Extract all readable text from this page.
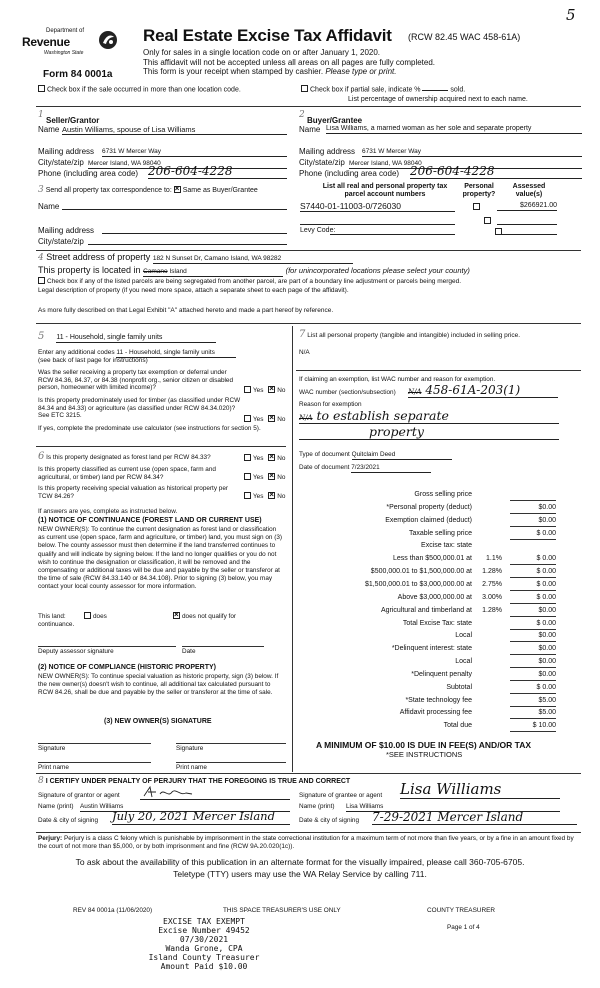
5
Department of
Revenue
Washington State
Form 84 0001a
Real Estate Excise Tax Affidavit (RCW 82.45 WAC 458-61A)
Only for sales in a single location code on or after January 1, 2020.
This affidavit will not be accepted unless all areas on all pages are fully completed.
This form is your receipt when stamped by cashier. Please type or print.
Check box if the sale occurred in more than one location code.	Check box if partial sale, indicate %	sold.
List percentage of ownership acquired next to each name.
1
Seller/Grantor
Name Austin Williams, spouse of Lisa Williams
Mailing address 6731 W Mercer Way
City/state/zip Mercer Island, WA 98040
Phone (including area code) 206-604-4228
2
Buyer/Grantee
Name Lisa Williams, a married woman as her sole and separate property
Mailing address 6731 W Mercer Way
City/state/zip Mercer Island, WA 98040
Phone (including area code) 206-604-4228
3 Send all property tax correspondence to: × Same as Buyer/Grantee
Name
Mailing address
City/state/zip
List all real and personal property tax parcel account numbers
Personal property?
Assessed value(s)
S7440-01-11003-0/726030
	$266921.00

Levy Code:
4 Street address of property 182 N Sunset Dr, Camano Island, WA 98282
This property is located in Camano Island	(for unincorporated locations please select your county)
Check box if any of the listed parcels are being segregated from another parcel, are part of a boundary line adjustment or parcels being merged.
Legal description of property (if you need more space, attach a separate sheet to each page of the affidavit).
As more fully described on that Legal Exhibit "A" attached hereto and made a part hereof by reference.
5 11 - Household, single family units
Enter any additional codes 11 - Household, single family units
(see back of last page for instructions)
Was the seller receiving a property tax exemption or deferral under RCW 84.36, 84.37, or 84.38 (nonprofit org., senior citizen or disabled person, homeowner with limited income)?	Yes × No
Is this property predominately used for timber (as classified under RCW 84.34 and 84.33) or agriculture (as classified under RCW 84.34.020)? See ETC 3215.
Yes × No
If yes, complete the predominate use calculator (see instructions for section 5).
6 Is this property designated as forest land per RCW 84.33?	Yes × No
Is this property classified as current use (open space, farm and agricultural, or timber) land per RCW 84.34?	Yes × No
Is this property receiving special valuation as historical property per TCW 84.26?	Yes × No
If answers are yes, complete as instructed below.
(1) NOTICE OF CONTINUANCE (FOREST LAND OR CURRENT USE)
NEW OWNER(S): To continue the current designation as forest land or classification as current use (open space, farm and agriculture, or timber) land, you must sign on (3) below. The county assessor must then determine if the land transferred continues to qualify and will indicate by signing below. If the land no longer qualifies or you do not wish to continue the designation or classification, it will be removed and the compensating or additional taxes will be due and payable by the seller or transferor at the time of sale (RCW 84.33.140 or 84.34.108). Prior to signing (3) below, you may contact your local county assessor for more information.
This land:
continuance.
does ×	does not qualify for
Deputy assessor signature	Date
(2) NOTICE OF COMPLIANCE (HISTORIC PROPERTY)
NEW OWNER(S): To continue special valuation as historic property, sign (3) below. If the new owner(s) doesn't wish to continue, all additional tax calculated pursuant to RCW 84.26, shall be due and payable by the seller or transferor at the time of sale.
(3) NEW OWNER(S) SIGNATURE
Signature	Signature
Print name	Print name
7 List all personal property (tangible and intangible) included in selling price.
N/A
If claiming an exemption, list WAC number and reason for exemption.
WAC number (section/subsection) N/A 458-61A-203(1)
Reason for exemption
N/A to establish separate
property
Type of document Quitclaim Deed
Date of document 7/23/2021
Gross selling price
*Personal property (deduct)	$0.00
Exemption claimed (deduct)	$0.00
Taxable selling price	$ 0.00
Excise tax: state
Less than $500,000.01 at 1.1%	$ 0.00
$500,000.01 to $1,500,000.00 at 1.28%	$ 0.00
$1,500,000.01 to $3,000,000.00 at 2.75%	$ 0.00
Above $3,000,000.00 at 3.00%	$ 0.00
Agricultural and timberland at 1.28%	$0.00
Total Excise Tax: state	$ 0.00
Local	$0.00
*Delinquent interest: state	$0.00
Local	$0.00
*Delinquent penalty	$0.00
Subtotal	$ 0.00
*State technology fee	$5.00
Affidavit processing fee	$5.00
Total due	$ 10.00
A MINIMUM OF $10.00 IS DUE IN FEE(S) AND/OR TAX
*SEE INSTRUCTIONS
8 I CERTIFY UNDER PENALTY OF PERJURY THAT THE FOREGOING IS TRUE AND CORRECT
Signature of grantor or agent
Name (print) Austin Williams
Date & city of signing July 20, 2021 Mercer Island
Signature of grantee or agent Lisa Williams
Name (print) Lisa Williams
Date & city of signing 7-29-2021 Mercer Island
Perjury: Perjury is a class C felony which is punishable by imprisonment in the state correctional institution for a maximum term of not more than five years, or by a fine in an amount fixed by the court of not more than $5,000, or by both imprisonment and fine (RCW 9A.20.020(1c)).
To ask about the availability of this publication in an alternate format for the visually impaired, please call 360-705-6705.
Teletype (TTY) users may use the WA Relay Service by calling 711.
REV 84 0001a (11/06/2020)	THIS SPACE TREASURER'S USE ONLY	COUNTY TREASURER
Page 1 of 4
EXCISE TAX EXEMPT
Excise Number 49452
07/30/2021
Wanda Grone, CPA
Island County Treasurer
Amount Paid $10.00
